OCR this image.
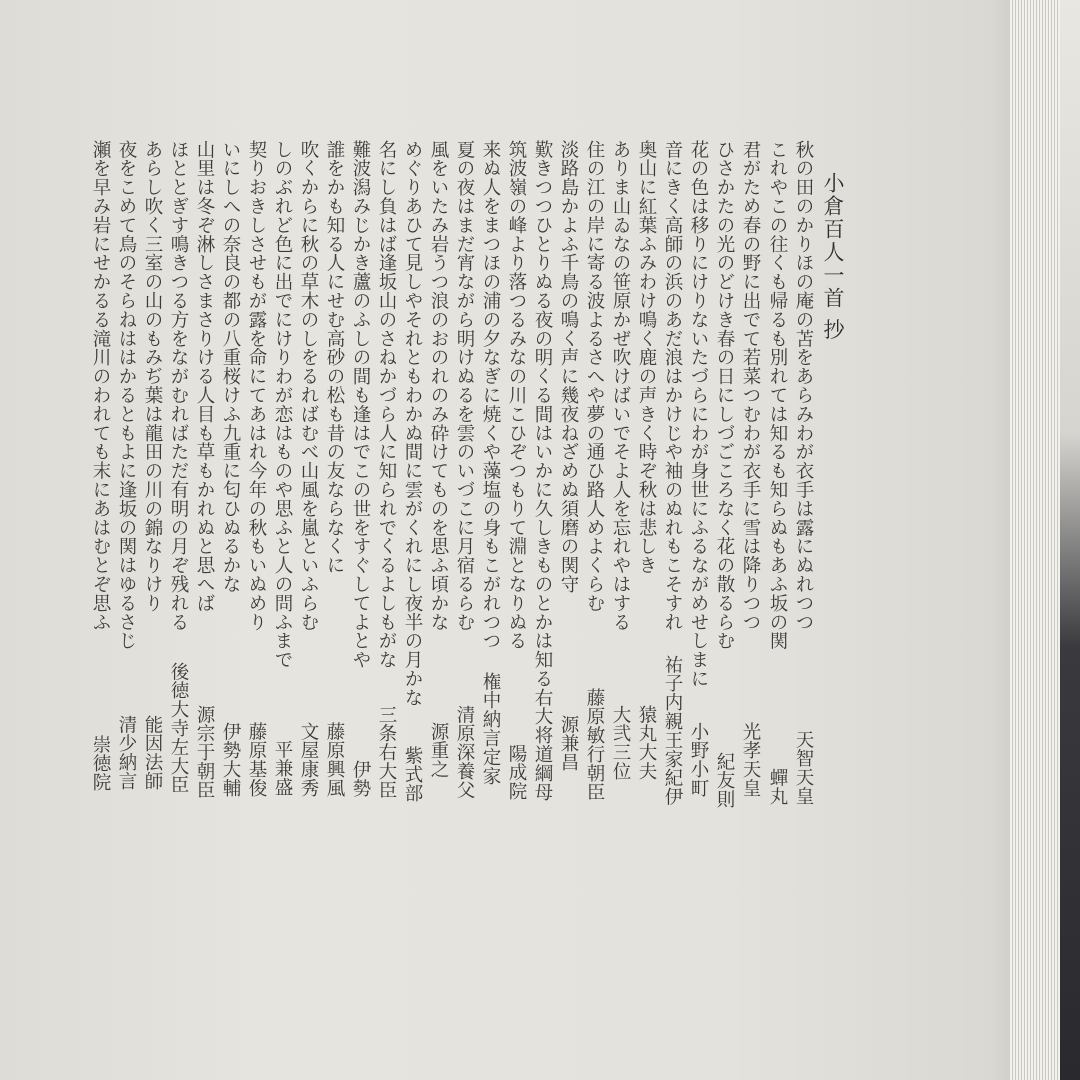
小倉百人一首 抄
秋の田のかりほの庵の苫をあらみわが衣手は露にぬれつつ
これやこの往くも帰るも別れては知るも知らぬもあふ坂の関
君がため春の野に出でて若菜つむわが衣手に雪は降りつつ
ひさかたの光のどけき春の日にしづごころなく花の散るらむ
花の色は移りにけりないたづらにわが身世にふるながめせしまに
音にきく高師の浜のあだ浪はかけじや袖のぬれもこそすれ
奥山に紅葉ふみわけ鳴く鹿の声きく時ぞ秋は悲しき
ありま山ゐなの笹原かぜ吹けばいでそよ人を忘れやはする
住の江の岸に寄る波よるさへや夢の通ひ路人めよくらむ
淡路島かよふ千鳥の鳴く声に幾夜ねざめぬ須磨の関守
歎きつつひとりぬる夜の明くる間はいかに久しきものとかは知る
筑波嶺の峰より落つるみなの川こひぞつもりて淵となりぬる
来ぬ人をまつほの浦の夕なぎに焼くや藻塩の身もこがれつつ
夏の夜はまだ宵ながら明けぬるを雲のいづこに月宿るらむ
風をいたみ岩うつ浪のおのれのみ砕けてものを思ふ頃かな
めぐりあひて見しやそれともわかぬ間に雲がくれにし夜半の月かな
名にし負はば逢坂山のさねかづら人に知られでくるよしもがな
難波潟みじかき蘆のふしの間も逢はでこの世をすぐしてよとや
誰をかも知る人にせむ高砂の松も昔の友ならなくに
吹くからに秋の草木のしをるればむべ山風を嵐といふらむ
しのぶれど色に出でにけりわが恋はものや思ふと人の問ふまで
契りおきしさせもが露を命にてあはれ今年の秋もいぬめり
いにしへの奈良の都の八重桜けふ九重に匂ひぬるかな
山里は冬ぞ淋しさまさりける人目も草もかれぬと思へば
ほととぎす鳴きつる方をながむればただ有明の月ぞ残れる
あらし吹く三室の山のもみぢ葉は龍田の川の錦なりけり
夜をこめて鳥のそらねははかるともよに逢坂の関はゆるさじ
瀬を早み岩にせかるる滝川のわれても末にあはむとぞ思ふ
天智天皇
蟬丸
光孝天皇
紀友則
小野小町
祐子内親王家紀伊
猿丸大夫
大弐三位
藤原敏行朝臣
源兼昌
右大将道綱母
陽成院
権中納言定家
清原深養父
源重之
紫式部
三条右大臣
伊勢
藤原興風
文屋康秀
平兼盛
藤原基俊
伊勢大輔
源宗于朝臣
後徳大寺左大臣
能因法師
清少納言
崇徳院
